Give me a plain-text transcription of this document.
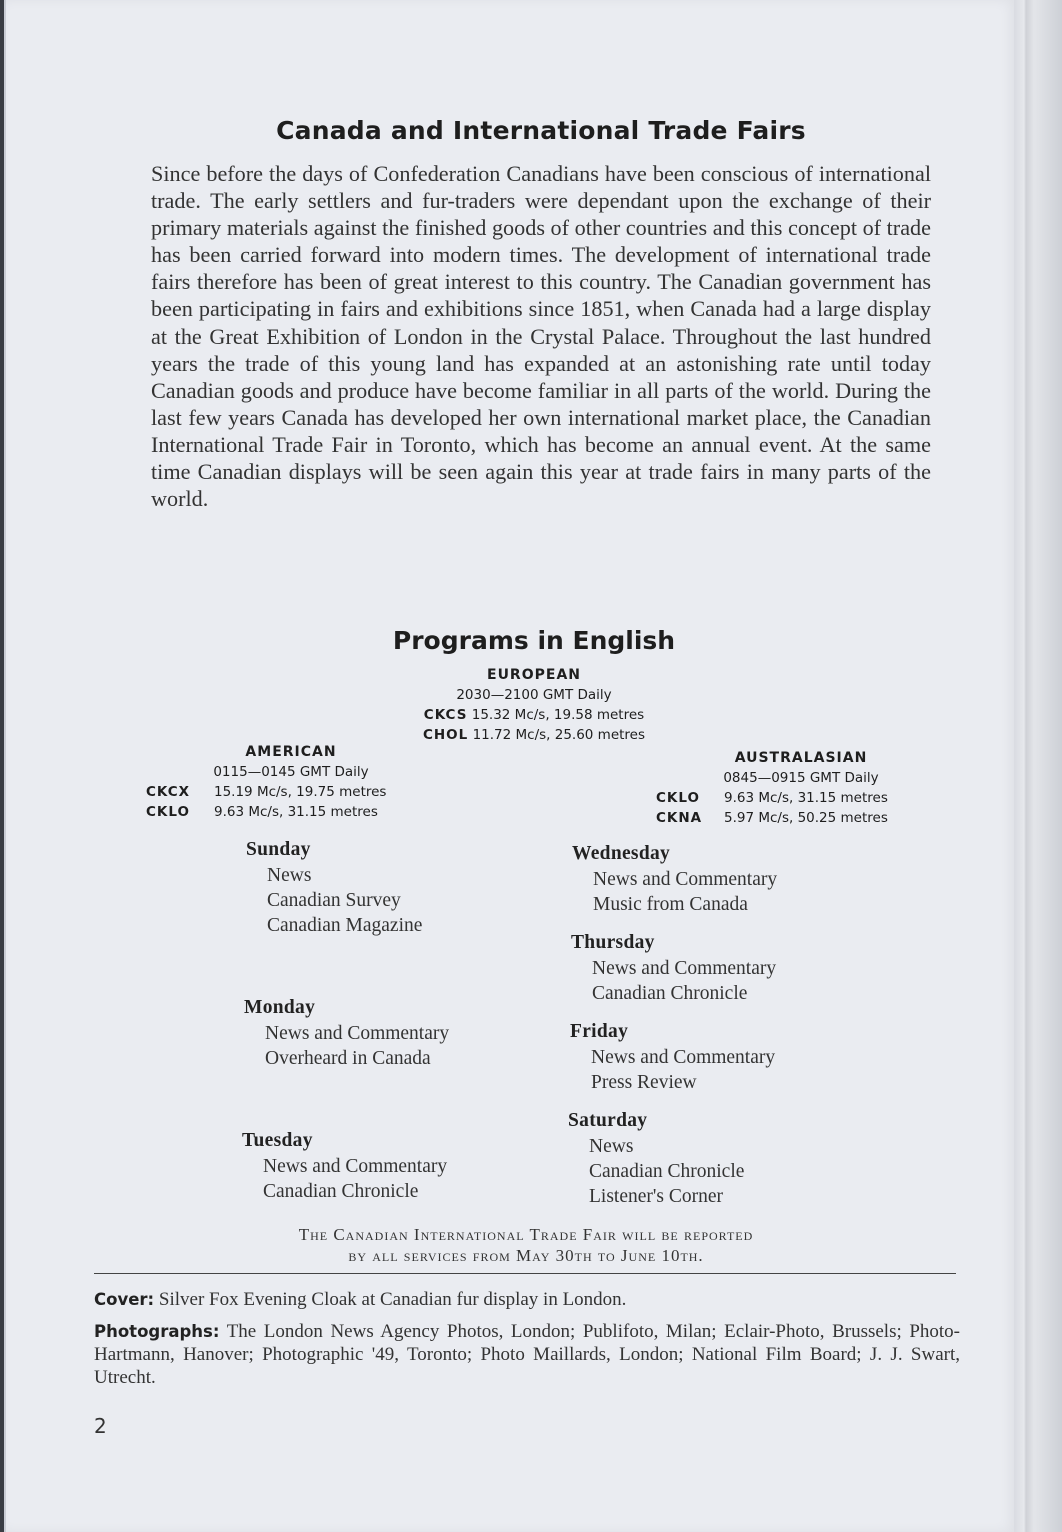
Canada and International Trade Fairs
Since before the days of Confederation Canadians have been conscious of international trade. The early settlers and fur-traders were dependant upon the exchange of their primary materials against the finished goods of other countries and this concept of trade has been carried forward into modern times. The development of international trade fairs therefore has been of great interest to this country. The Canadian government has been participating in fairs and exhibitions since 1851, when Canada had a large display at the Great Exhibition of London in the Crystal Palace. Throughout the last hundred years the trade of this young land has expanded at an astonishing rate until today Canadian goods and produce have become familiar in all parts of the world. During the last few years Canada has developed her own international market place, the Canadian International Trade Fair in Toronto, which has become an annual event. At the same time Canadian displays will be seen again this year at trade fairs in many parts of the world.
Programs in English
EUROPEAN
2030—2100 GMT Daily
CKCS 15.32 Mc/s, 19.58 metres
CHOL 11.72 Mc/s, 25.60 metres
AMERICAN
0115—0145 GMT Daily
CKCX 15.19 Mc/s, 19.75 metres
CKLO 9.63 Mc/s, 31.15 metres
AUSTRALASIAN
0845—0915 GMT Daily
CKLO 9.63 Mc/s, 31.15 metres
CKNA 5.97 Mc/s, 50.25 metres
Sunday
News
Canadian Survey
Canadian Magazine
Monday
News and Commentary
Overheard in Canada
Tuesday
News and Commentary
Canadian Chronicle
Wednesday
News and Commentary
Music from Canada
Thursday
News and Commentary
Canadian Chronicle
Friday
News and Commentary
Press Review
Saturday
News
Canadian Chronicle
Listener's Corner
The Canadian International Trade Fair will be reported
by all services from May 30th to June 10th.
Cover: Silver Fox Evening Cloak at Canadian fur display in London.
Photographs: The London News Agency Photos, London; Publifoto, Milan; Eclair-Photo, Brussels; Photo-Hartmann, Hanover; Photographic '49, Toronto; Photo Maillards, London; National Film Board; J. J. Swart, Utrecht.
2
